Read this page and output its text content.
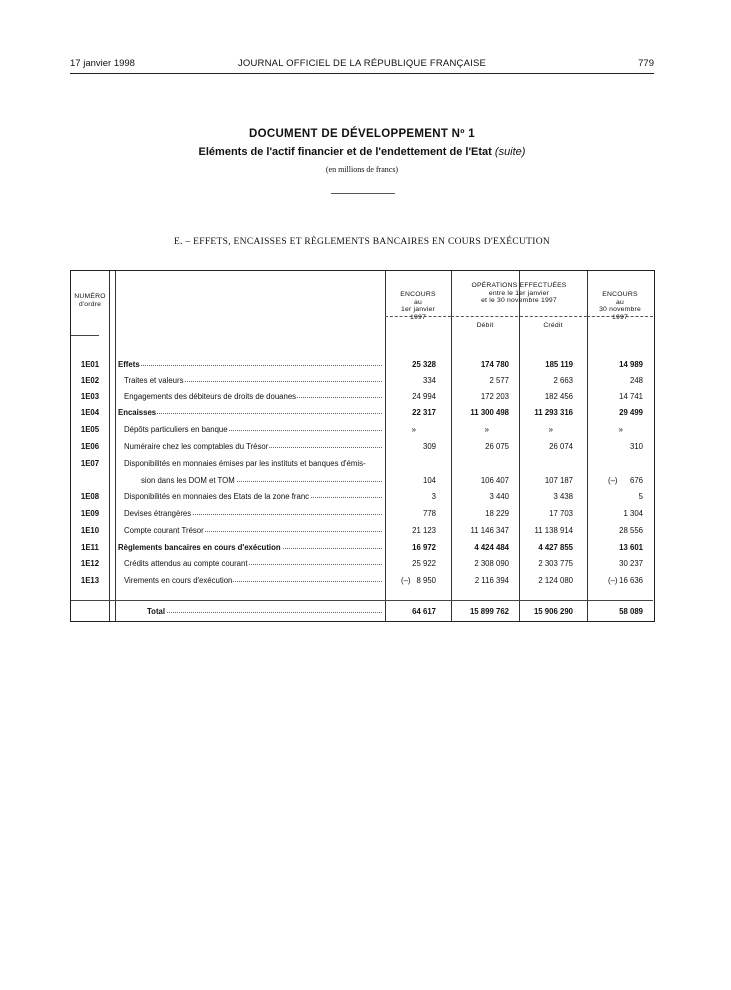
17 janvier 1998	JOURNAL OFFICIEL DE LA RÉPUBLIQUE FRANÇAISE	779
DOCUMENT DE DÉVELOPPEMENT Nº 1
Eléments de l'actif financier et de l'endettement de l'Etat (suite)
(en millions de francs)
E. – EFFETS, ENCAISSES ET RÈGLEMENTS BANCAIRES EN COURS D'EXÉCUTION
NUMÉRO
d'ordre
ENCOURS
au
1er janvier
1997
OPÉRATIONS EFFECTUÉES
entre le 1er janvier
et le 30 novembre 1997
Débit	Crédit
ENCOURS
au
30 novembre
1997
1E01	Effets	25 328	174 780	185 119	14 989
1E02	Traites et valeurs	334	2 577	2 663	248
1E03	Engagements des débiteurs de droits de douanes	24 994	172 203	182 456	14 741
1E04	Encaisses	22 317	11 300 498	11 293 316	29 499
1E05	Dépôts particuliers en banque	»	»	»	»
1E06	Numéraire chez les comptables du Trésor	309	26 075	26 074	310
1E07	Disponibilités en monnaies émises par les instituts et banques d'émis-
sion dans les DOM et TOM	104	106 407	107 187	(–)	676
1E08	Disponibilités en monnaies des Etats de la zone franc	3	3 440	3 438	5
1E09	Devises étrangères	778	18 229	17 703	1 304
1E10	Compte courant Trésor	21 123	11 146 347	11 138 914	28 556
1E11	Règlements bancaires en cours d'exécution	16 972	4 424 484	4 427 855	13 601
1E12	Crédits attendus au compte courant	25 922	2 308 090	2 303 775	30 237
1E13	Virements en cours d'exécution	(–) 8 950	2 116 394	2 124 080	(–) 16 636
Total	64 617	15 899 762	15 906 290	58 089
